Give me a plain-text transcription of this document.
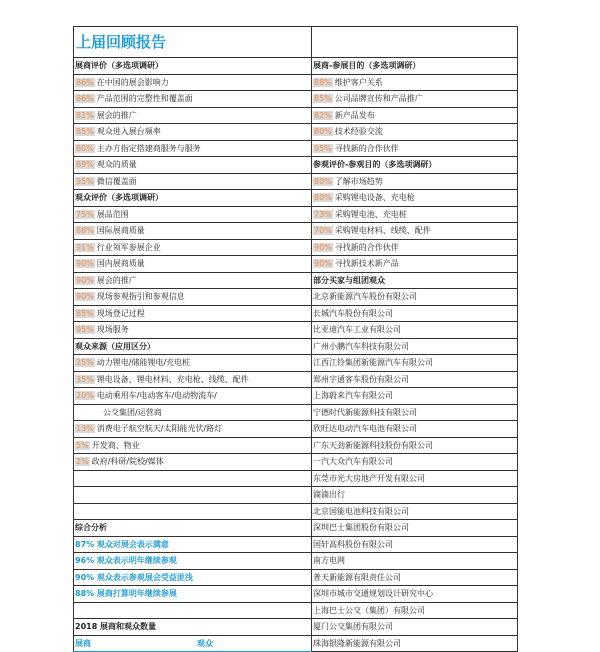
上届回顾报告	
展商评价（多选项调研）	展商-参展目的（多选项调研）
86% 在中国的展会影响力	88% 维护客户关系
86% 产品范围的完整性和覆盖面	85% 公司品牌宣传和产品推广
81% 展会的推广	82% 新产品发布
85% 观众进入展台频率	80% 技术经验交流
80% 主办方指定搭建商服务与服务	95% 寻找新的合作伙伴
89% 观众的质量	参观评价-参观目的（多选项调研）
95% 微信覆盖面	80% 了解市场趋势
观众评价（多选项调研）	80% 采购锂电设备、充电枪
75% 展品范围	73% 采购锂电池、充电桩
88% 国际展商质量	70% 采购锂电材料、线缆、配件
91% 行业领军参展企业	90% 寻找新的合作伙伴
90% 国内展商质量	90% 寻找新技术新产品
90% 展会的推广	部分买家与组团观众
90% 现场参观指引和参观信息	北京新能源汽车股份有限公司
85% 现场登记过程	长城汽车股份有限公司
95% 现场服务	比亚迪汽车工业有限公司
观众来源（应用区分）	广州小鹏汽车科技有限公司
25% 动力锂电/储能锂电/充电桩	江西江铃集团新能源汽车有限公司
35% 锂电设备、锂电材料、充电枪、线缆、配件	郑州宇通客车股份有限公司
20% 电动乘用车/电动客车/电动物流车/	上海蔚来汽车有限公司
公交集团/运营商	宁德时代新能源科技有限公司
13% 消费电子航空航天/太阳能光伏/路灯	欣旺达电动汽车电池有限公司
5% 开发商、物业	广东天劲新能源科技股份有限公司
2% 政府/科研/院校/媒体	一汽大众汽车有限公司
	东莞市光大房地产开发有限公司
	滴滴出行
	北京国能电池科技有限公司
综合分析	深圳巴士集团股份有限公司
87% 观众对展会表示满意	国轩高科股份有限公司
96% 观众表示明年继续参观	南方电网
90% 观众表示参观展会受益匪浅	普天新能源有限责任公司
88% 展商打算明年继续参展	深圳市城市交通规划设计研究中心
	上海巴士公交（集团）有限公司
2018 展商和观众数量	厦门公交集团有限公司

展商 观众	珠海银隆新能源有限公司
